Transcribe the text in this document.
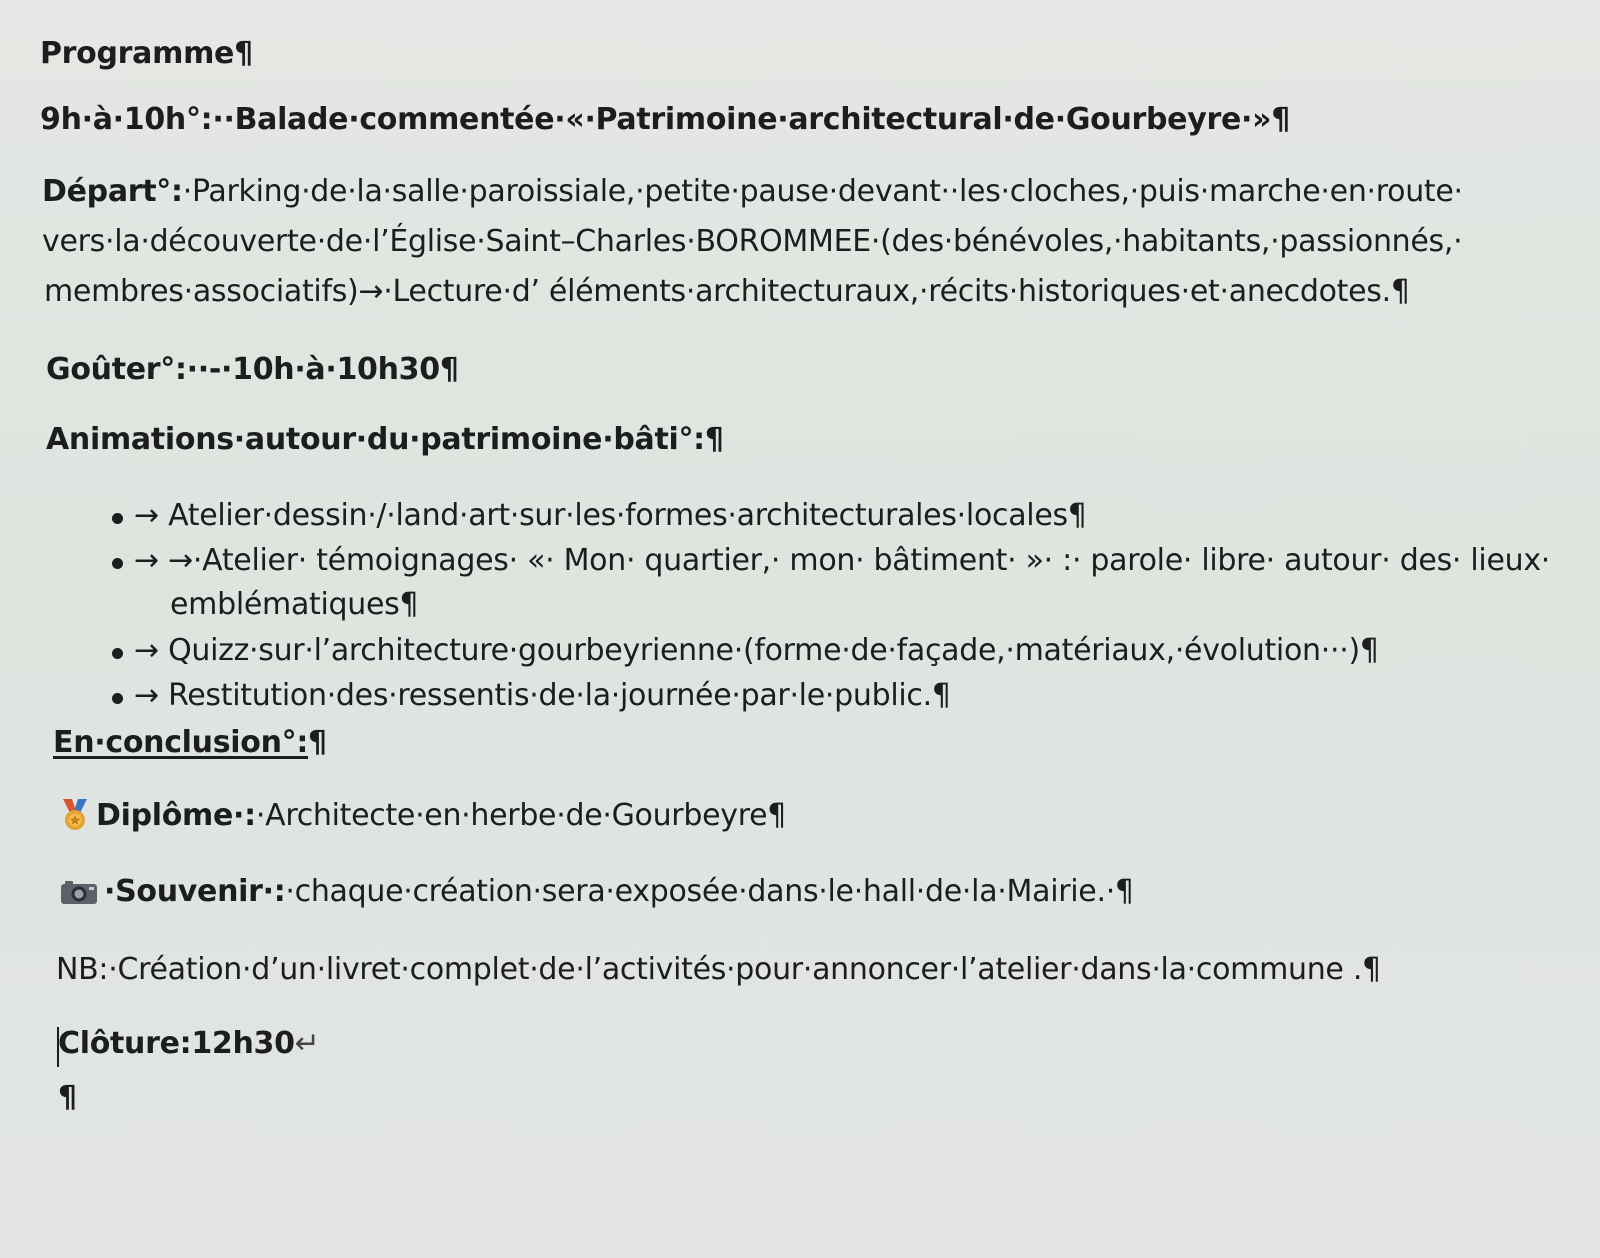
Programme¶
9h·à·10h°:··Balade·commentée·«·Patrimoine·architectural·de·Gourbeyre·»¶
Départ°:·Parking·de·la·salle·paroissiale,·petite·pause·devant··les·cloches,·puis·marche·en·route·
vers·la·découverte·de·l’Église·Saint–Charles·BOROMMEE·(des·bénévoles,·habitants,·passionnés,·
membres·associatifs)→·Lecture·d’ éléments·architecturaux,·récits·historiques·et·anecdotes.¶
Goûter°:··-·10h·à·10h30¶
Animations·autour·du·patrimoine·bâti°:¶
→ Atelier·dessin·/·land·art·sur·les·formes·architecturales·locales¶
→ →·Atelier· témoignages· «· Mon· quartier,· mon· bâtiment· »· :· parole· libre· autour· des· lieux·
emblématiques¶
→ Quizz·sur·l’architecture·gourbeyrienne·(forme·de·façade,·matériaux,·évolution···)¶
→ Restitution·des·ressentis·de·la·journée·par·le·public.¶
En·conclusion°:¶
Diplôme·:·Architecte·en·herbe·de·Gourbeyre¶
·Souvenir·:·chaque·création·sera·exposée·dans·le·hall·de·la·Mairie.·¶
NB:·Création·d’un·livret·complet·de·l’activités·pour·annoncer·l’atelier·dans·la·commune .¶
Clôture:12h30↵
¶
